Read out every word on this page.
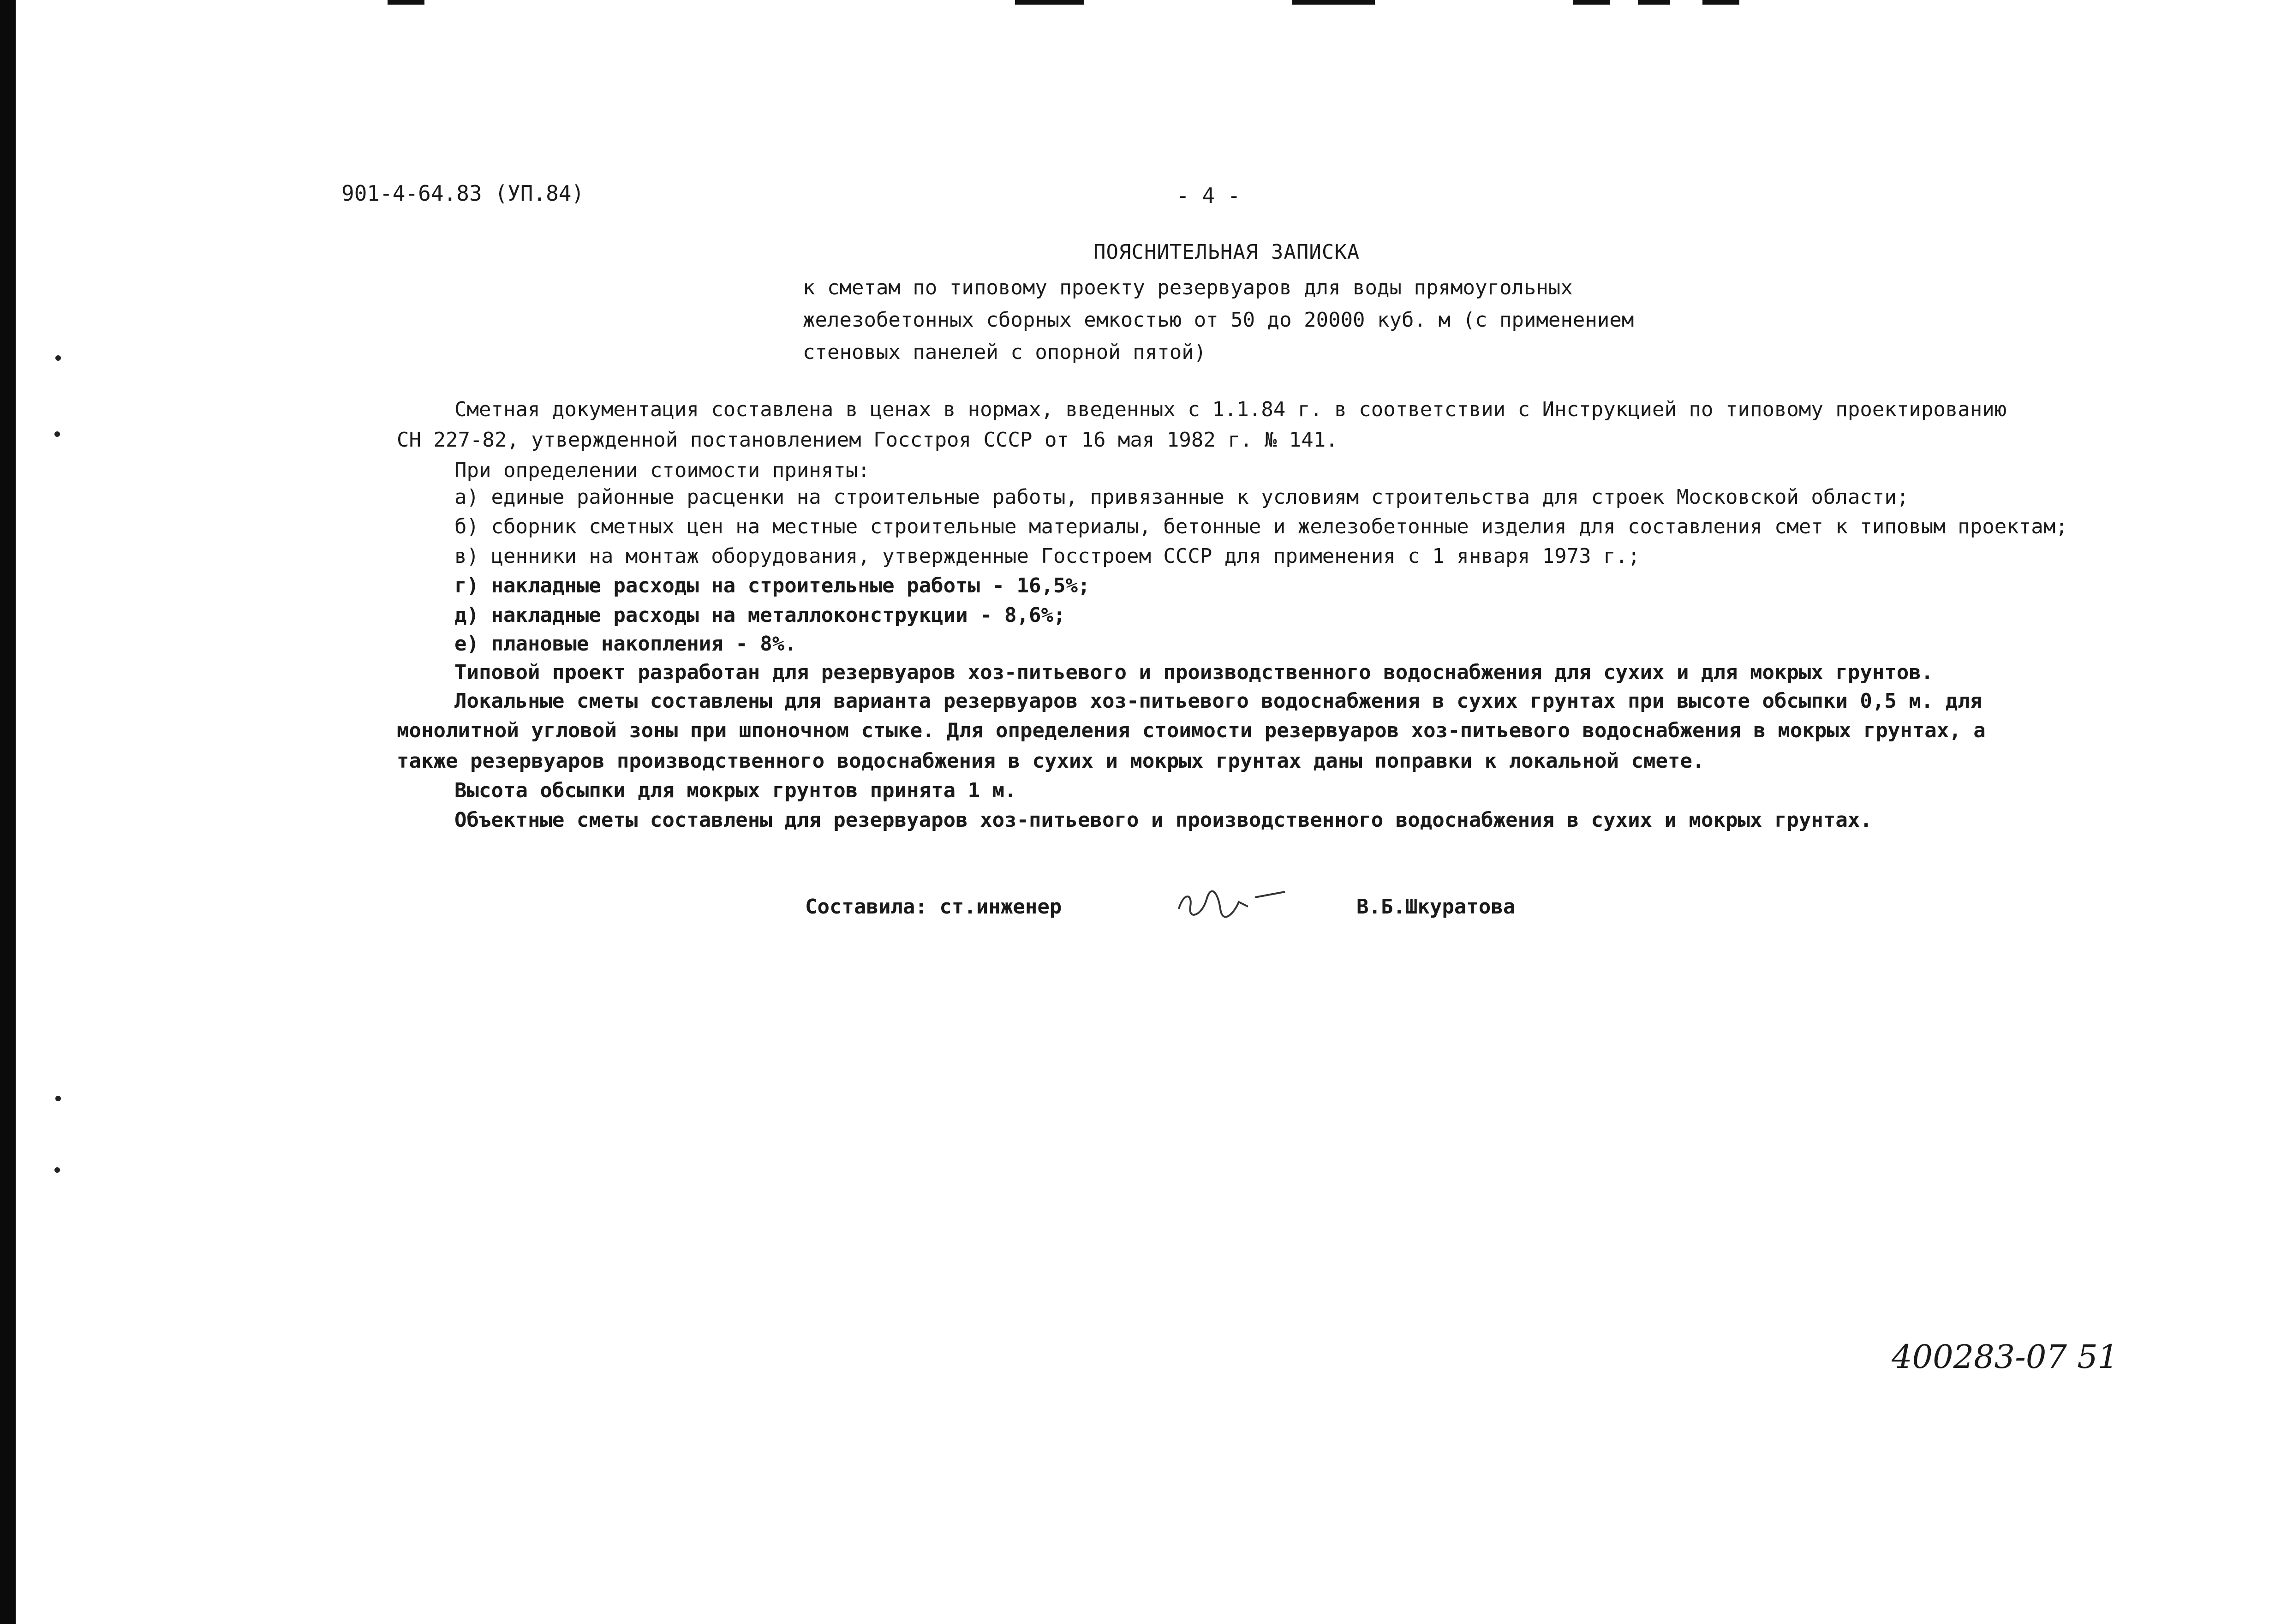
901-4-64.83 (УП.84)	- 4 -
ПОЯСНИТЕЛЬНАЯ ЗАПИСКА
к сметам по типовому проекту резервуаров для воды прямоугольных
железобетонных сборных емкостью от 50 до 20000 куб. м (с применением
стеновых панелей с опорной пятой)
Сметная документация составлена в ценах в нормах, введенных с 1.1.84 г. в соответствии с Инструкцией по типовому проектированию
СН 227-82, утвержденной постановлением Госстроя СССР от 16 мая 1982 г. № 141.
При определении стоимости приняты:
а) единые районные расценки на строительные работы, привязанные к условиям строительства для строек Московской области;
б) сборник сметных цен на местные строительные материалы, бетонные и железобетонные изделия для составления смет к типовым проектам;
в) ценники на монтаж оборудования, утвержденные Госстроем СССР для применения с 1 января 1973 г.;
г) накладные расходы на строительные работы - 16,5%;
д) накладные расходы на металлоконструкции - 8,6%;
е) плановые накопления - 8%.
Типовой проект разработан для резервуаров хоз-питьевого и производственного водоснабжения для сухих и для мокрых грунтов.
Локальные сметы составлены для варианта резервуаров хоз-питьевого водоснабжения в сухих грунтах при высоте обсыпки 0,5 м. для
монолитной угловой зоны при шпоночном стыке. Для определения стоимости резервуаров хоз-питьевого водоснабжения в мокрых грунтах, а
также резервуаров производственного водоснабжения в сухих и мокрых грунтах даны поправки к локальной смете.
Высота обсыпки для мокрых грунтов принята 1 м.
Объектные сметы составлены для резервуаров хоз-питьевого и производственного водоснабжения в сухих и мокрых грунтах.
Составила: ст.инженер	В.Б.Шкуратова
400283-07 51
